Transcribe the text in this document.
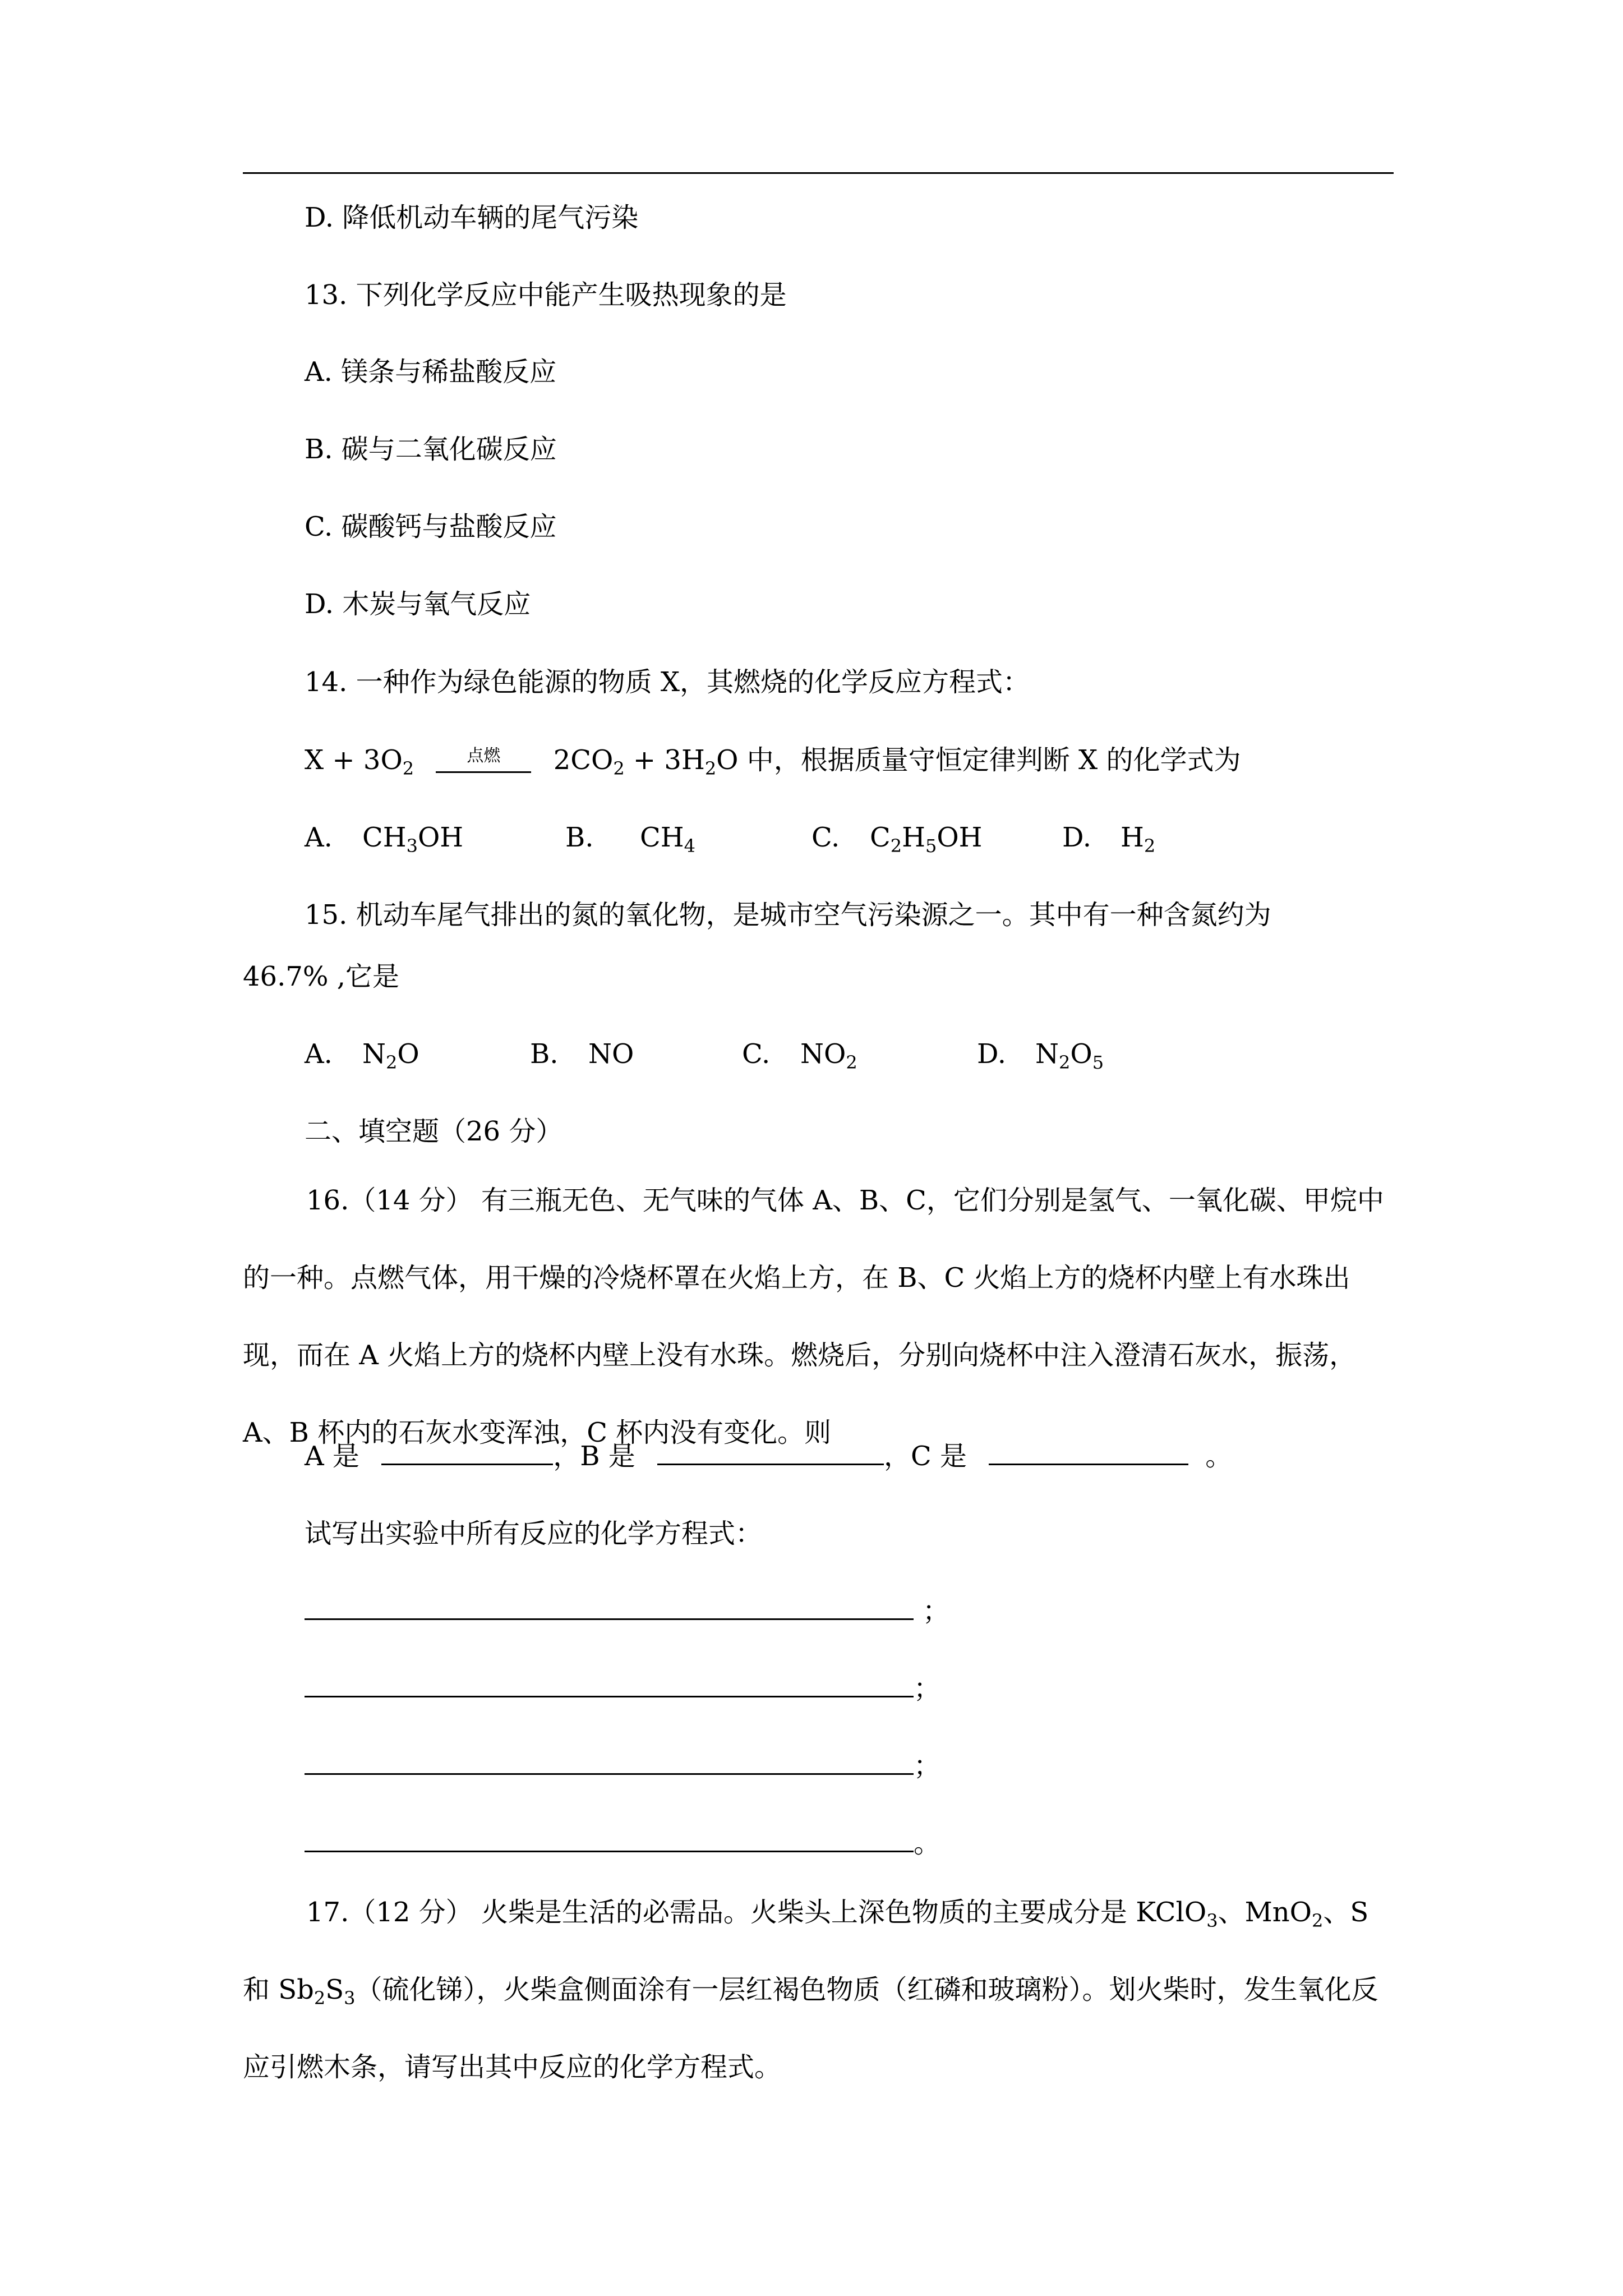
D. 降低机动车辆的尾气污染
13. 下列化学反应中能产生吸热现象的是
A. 镁条与稀盐酸反应
B. 碳与二氧化碳反应
C. 碳酸钙与盐酸反应
D. 木炭与氧气反应
14. 一种作为绿色能源的物质 X，其燃烧的化学反应方程式：
$X + 3O_2$
点燃	$2CO_2 + 3H_2O$ 中，根据质量守恒定律判断 X 的化学式为
A. $CH_3OH$	B. $CH_4$	C. $C_2H_5OH$	D. $H_2$
15. 机动车尾气排出的氮的氧化物，是城市空气污染源之一。其中有一种含氮约为
46.7% ,它是
A. $N_2O$	B. NO	C. $NO_2$	D. $N_2O_5$
二、填空题（26 分）
16.（14 分） 有三瓶无色、无气味的气体 A、B、C，它们分别是氢气、一氧化碳、甲烷中的一种。点燃气体，用干燥的冷烧杯罩在火焰上方，在 B、C 火焰上方的烧杯内壁上有水珠出现，而在 A 火焰上方的烧杯内壁上没有水珠。燃烧后，分别向烧杯中注入澄清石灰水，振荡，A、B 杯内的石灰水变浑浊，C 杯内没有变化。则
A 是	，B 是	，C 是	。
试写出实验中所有反应的化学方程式：
；
；
；
。
17.（12 分） 火柴是生活的必需品。火柴头上深色物质的主要成分是 KClO$_3$、MnO$_2$、S 和 $Sb_2S_3$（硫化锑），火柴盒侧面涂有一层红褐色物质（红磷和玻璃粉）。划火柴时，发生氧化反应引燃木条，请写出其中反应的化学方程式。
